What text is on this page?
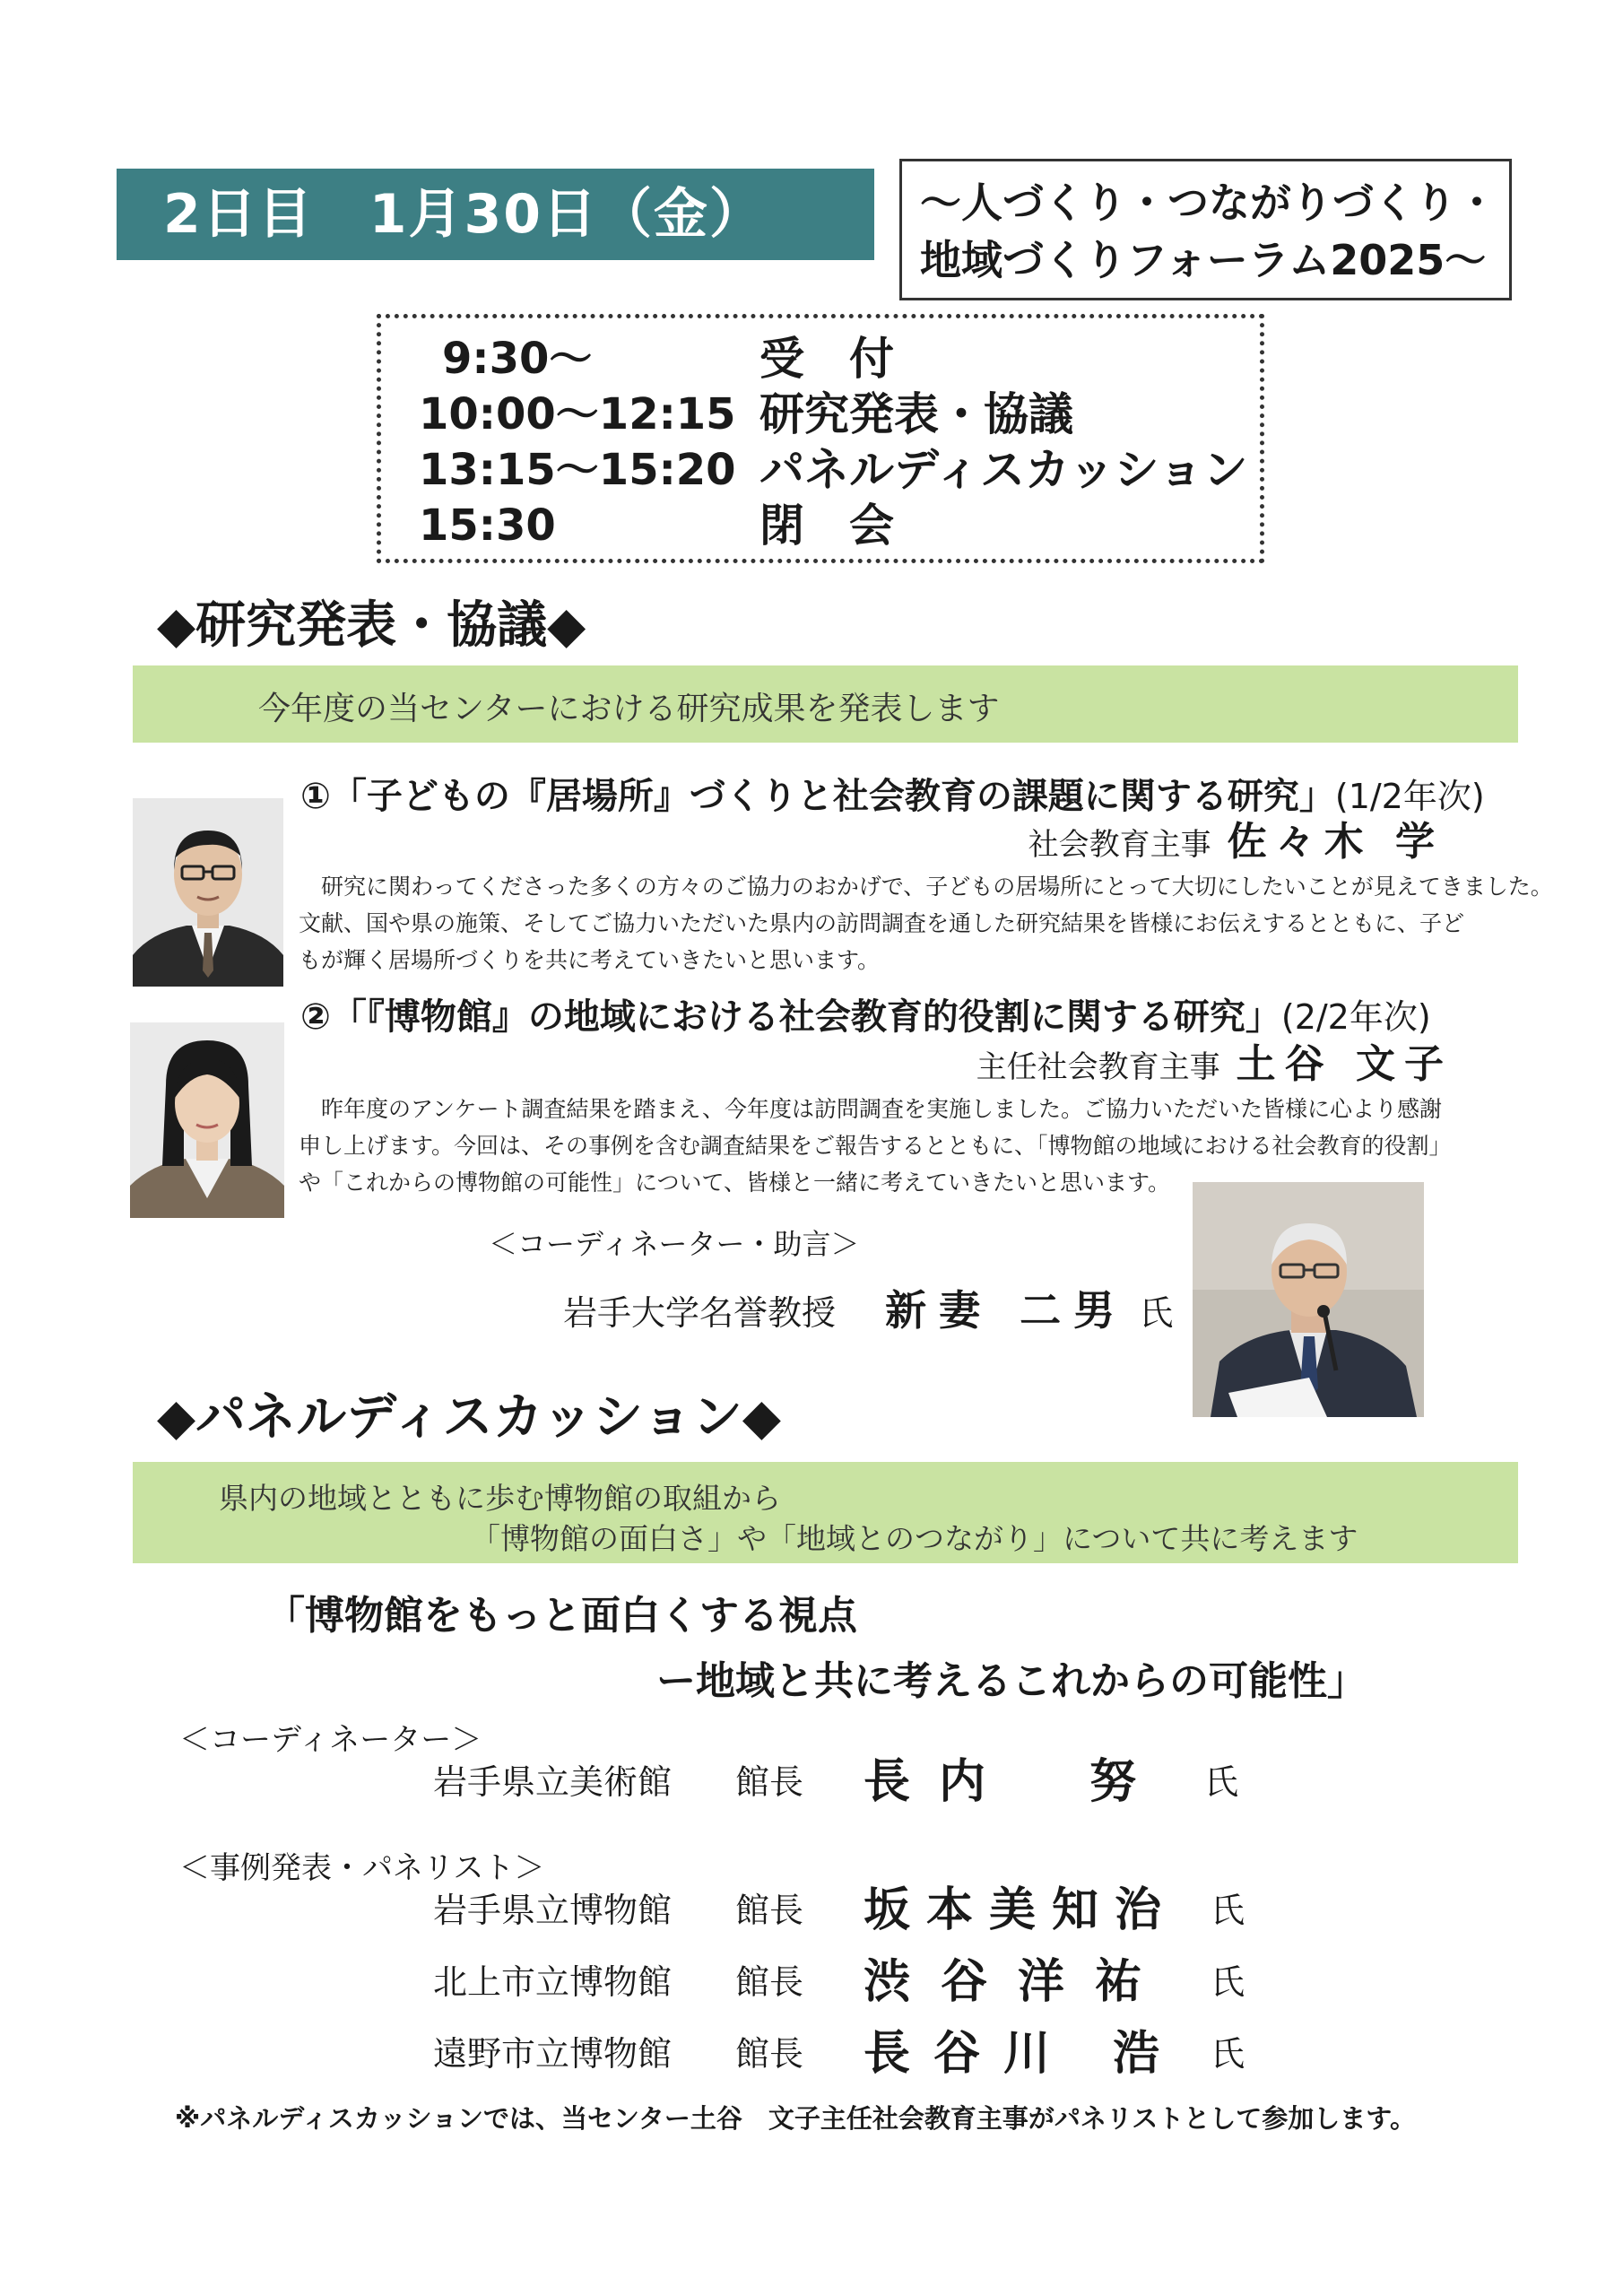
2日目　1月30日（金）	～人づくり・つながりづくり・
地域づくりフォーラム2025～
9:30～	受　付
10:00～12:15 研究発表・協議
13:15～15:20 パネルディスカッション
15:30	閉　会
◆研究発表・協議◆
今年度の当センターにおける研究成果を発表します
①「子どもの『居場所』づくりと社会教育の課題に関する研究」(1/2年次)
社会教育主事 佐々木 学
　研究に関わってくださった多くの方々のご協力のおかげで、子どもの居場所にとって大切にしたいことが見えてきました。
文献、国や県の施策、そしてご協力いただいた県内の訪問調査を通した研究結果を皆様にお伝えするとともに、子ど
もが輝く居場所づくりを共に考えていきたいと思います。
②「『博物館』の地域における社会教育的役割に関する研究」(2/2年次)
主任社会教育主事 土谷 文子
　昨年度のアンケート調査結果を踏まえ、今年度は訪問調査を実施しました。ご協力いただいた皆様に心より感謝
申し上げます。今回は、その事例を含む調査結果をご報告するとともに、「博物館の地域における社会教育的役割」
や「これからの博物館の可能性」について、皆様と一緒に考えていきたいと思います。
＜コーディネーター・助言＞
岩手大学名誉教授 新妻 二男 氏
◆パネルディスカッション◆
県内の地域とともに歩む博物館の取組から
「博物館の面白さ」や「地域とのつながり」について共に考えます
「博物館をもっと面白くする視点
ー地域と共に考えるこれからの可能性」
＜コーディネーター＞
岩手県立美術館 館長 長内　努 氏
＜事例発表・パネリスト＞
岩手県立博物館 館長 坂本美知治 氏
北上市立博物館 館長 渋谷洋祐 氏
遠野市立博物館 館長 長谷川 浩 氏
※パネルディスカッションでは、当センター土谷　文子主任社会教育主事がパネリストとして参加します。
